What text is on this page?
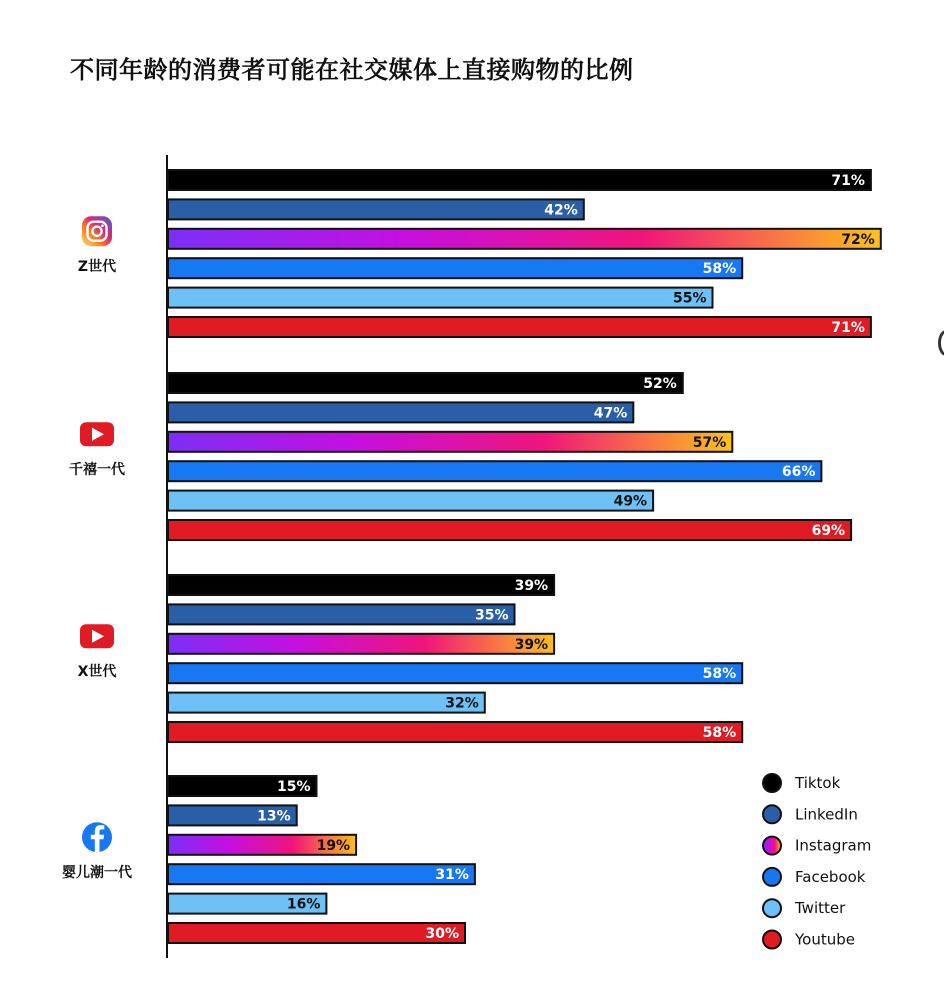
不同年龄的消费者可能在社交媒体上直接购物的比例
Z世代
千禧一代
X世代
婴儿潮一代
71%
42%
72%
58%
55%
71%
52%
47%
57%
66%
49%
69%
39%
35%
39%
58%
32%
58%
15%
13%
19%
31%
16%
30%
Tiktok
LinkedIn
Instagram
Facebook
Twitter
Youtube
